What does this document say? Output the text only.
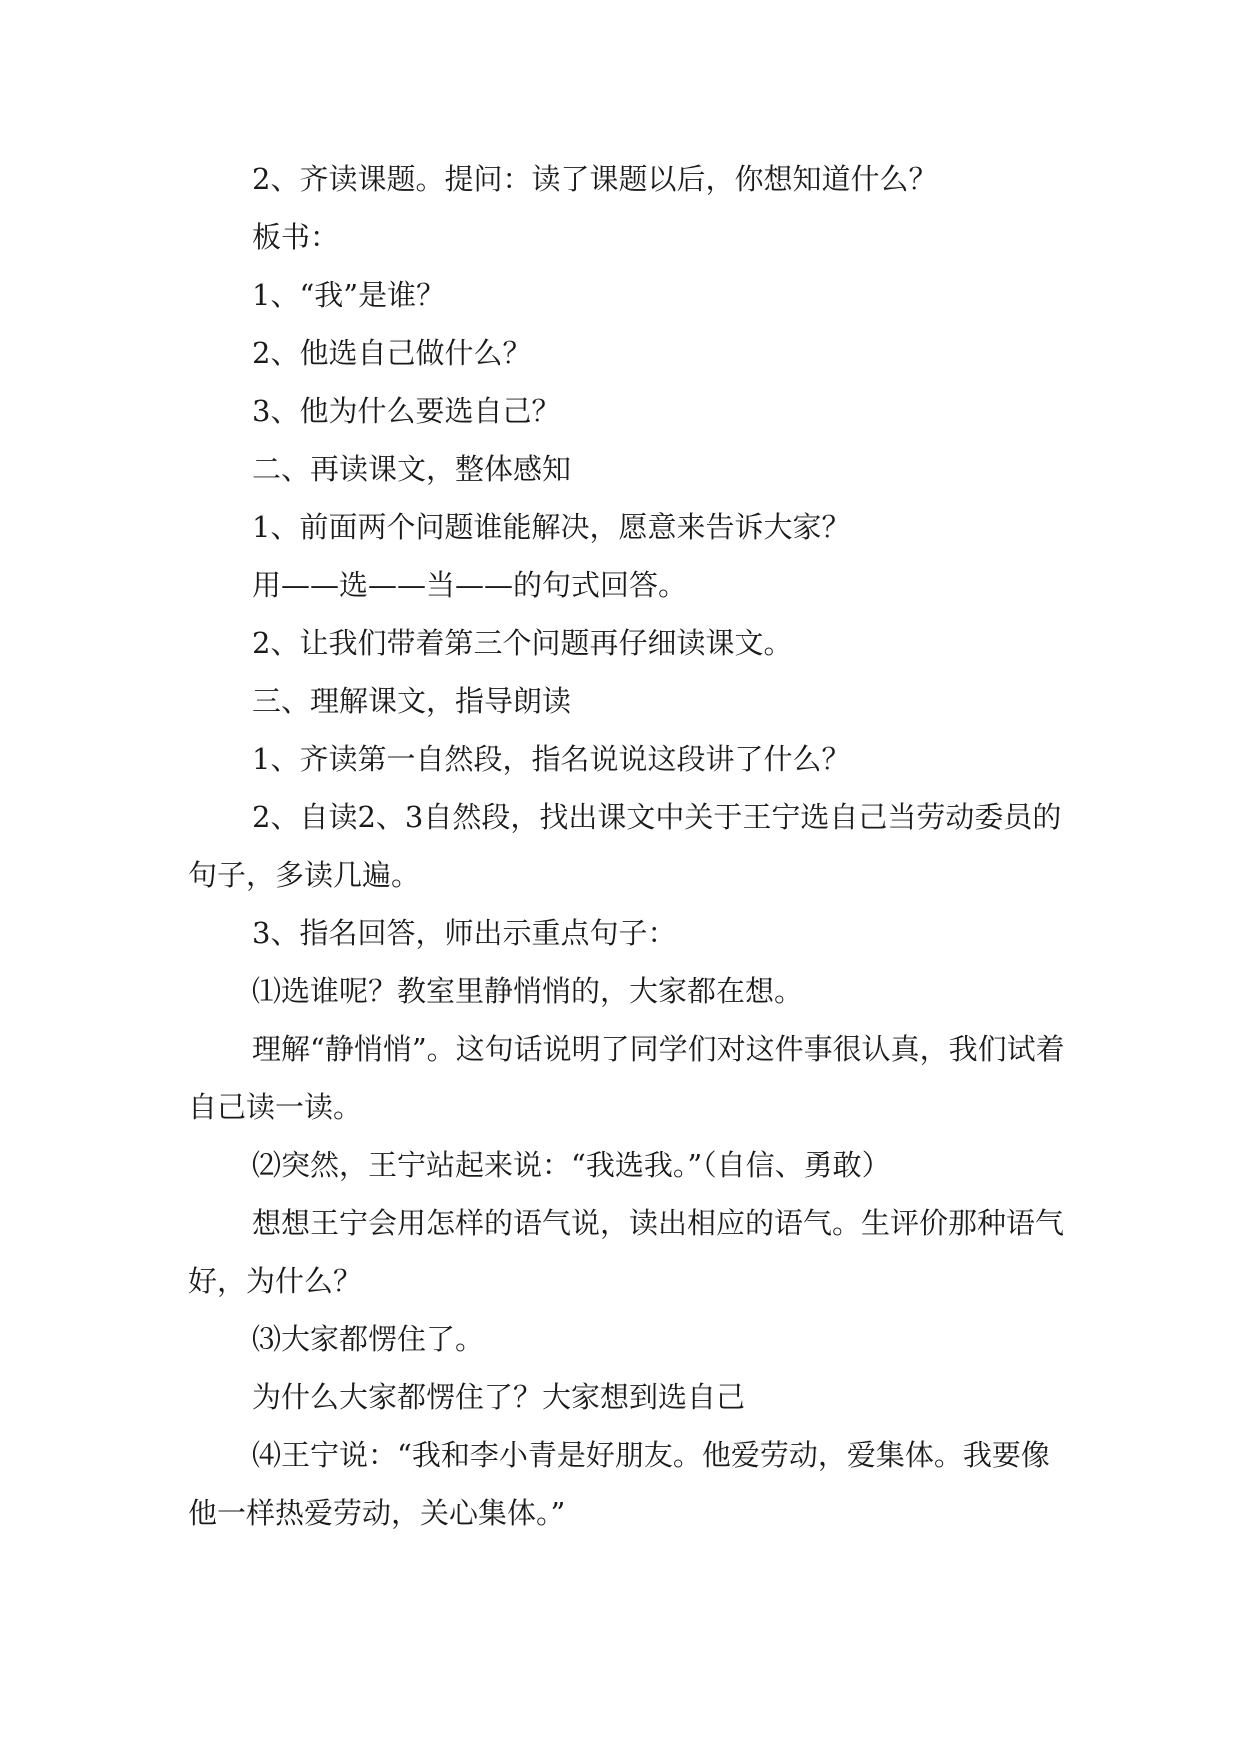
2、齐读课题。提问：读了课题以后，你想知道什么？

板书：

1、“我”是谁？

2、他选自己做什么？

3、他为什么要选自己？

二、再读课文，整体感知

1、前面两个问题谁能解决，愿意来告诉大家？

用——选——当——的句式回答。

2、让我们带着第三个问题再仔细读课文。

三、理解课文，指导朗读

1、齐读第一自然段，指名说说这段讲了什么？

2、自读2、3自然段，找出课文中关于王宁选自己当劳动委员的句子，多读几遍。

3、指名回答，师出示重点句子：

⑴选谁呢？教室里静悄悄的，大家都在想。

理解“静悄悄”。这句话说明了同学们对这件事很认真，我们试着自己读一读。

⑵突然，王宁站起来说：“我选我。”（自信、勇敢）

想想王宁会用怎样的语气说，读出相应的语气。生评价那种语气好，为什么？

⑶大家都愣住了。

为什么大家都愣住了？大家想到选自己

⑷王宁说：“我和李小青是好朋友。他爱劳动，爱集体。我要像他一样热爱劳动，关心集体。”
